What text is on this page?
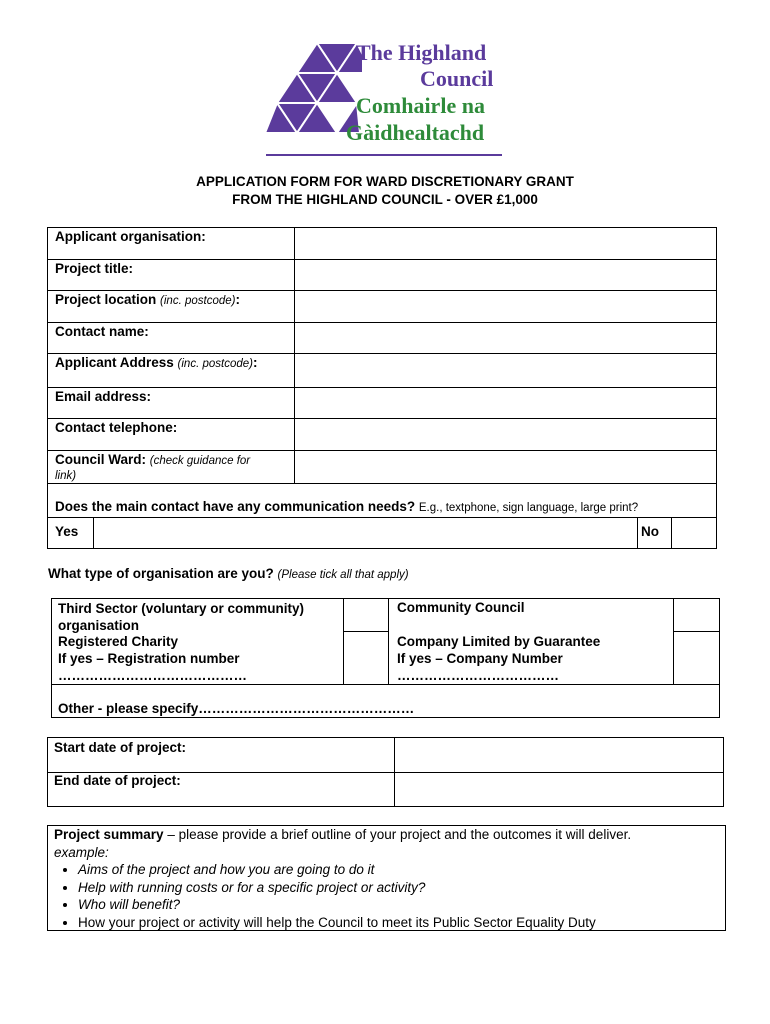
The Highland
Council
Comhairle na
Gàidhealtachd
APPLICATION FORM FOR WARD DISCRETIONARY GRANT
FROM THE HIGHLAND COUNCIL - OVER £1,000
Applicant organisation:
Project title:
Project location (inc. postcode):
Contact name:
Applicant Address (inc. postcode):
Email address:
Contact telephone:
Council Ward: (check guidance for
link)
Does the main contact have any communication needs? E.g., textphone, sign language, large print?
Yes	No
What type of organisation are you? (Please tick all that apply)
Third Sector (voluntary or community)
organisation
Community Council
Registered Charity
If yes – Registration number
……………………………………
Company Limited by Guarantee
If yes – Company Number
………………………………
Other - please specify…………………………………………
Start date of project:
End date of project:
Project summary – please provide a brief outline of your project and the outcomes it will deliver.
example:
• Aims of the project and how you are going to do it
• Help with running costs or for a specific project or activity?
• Who will benefit?
• How your project or activity will help the Council to meet its Public Sector Equality Duty
